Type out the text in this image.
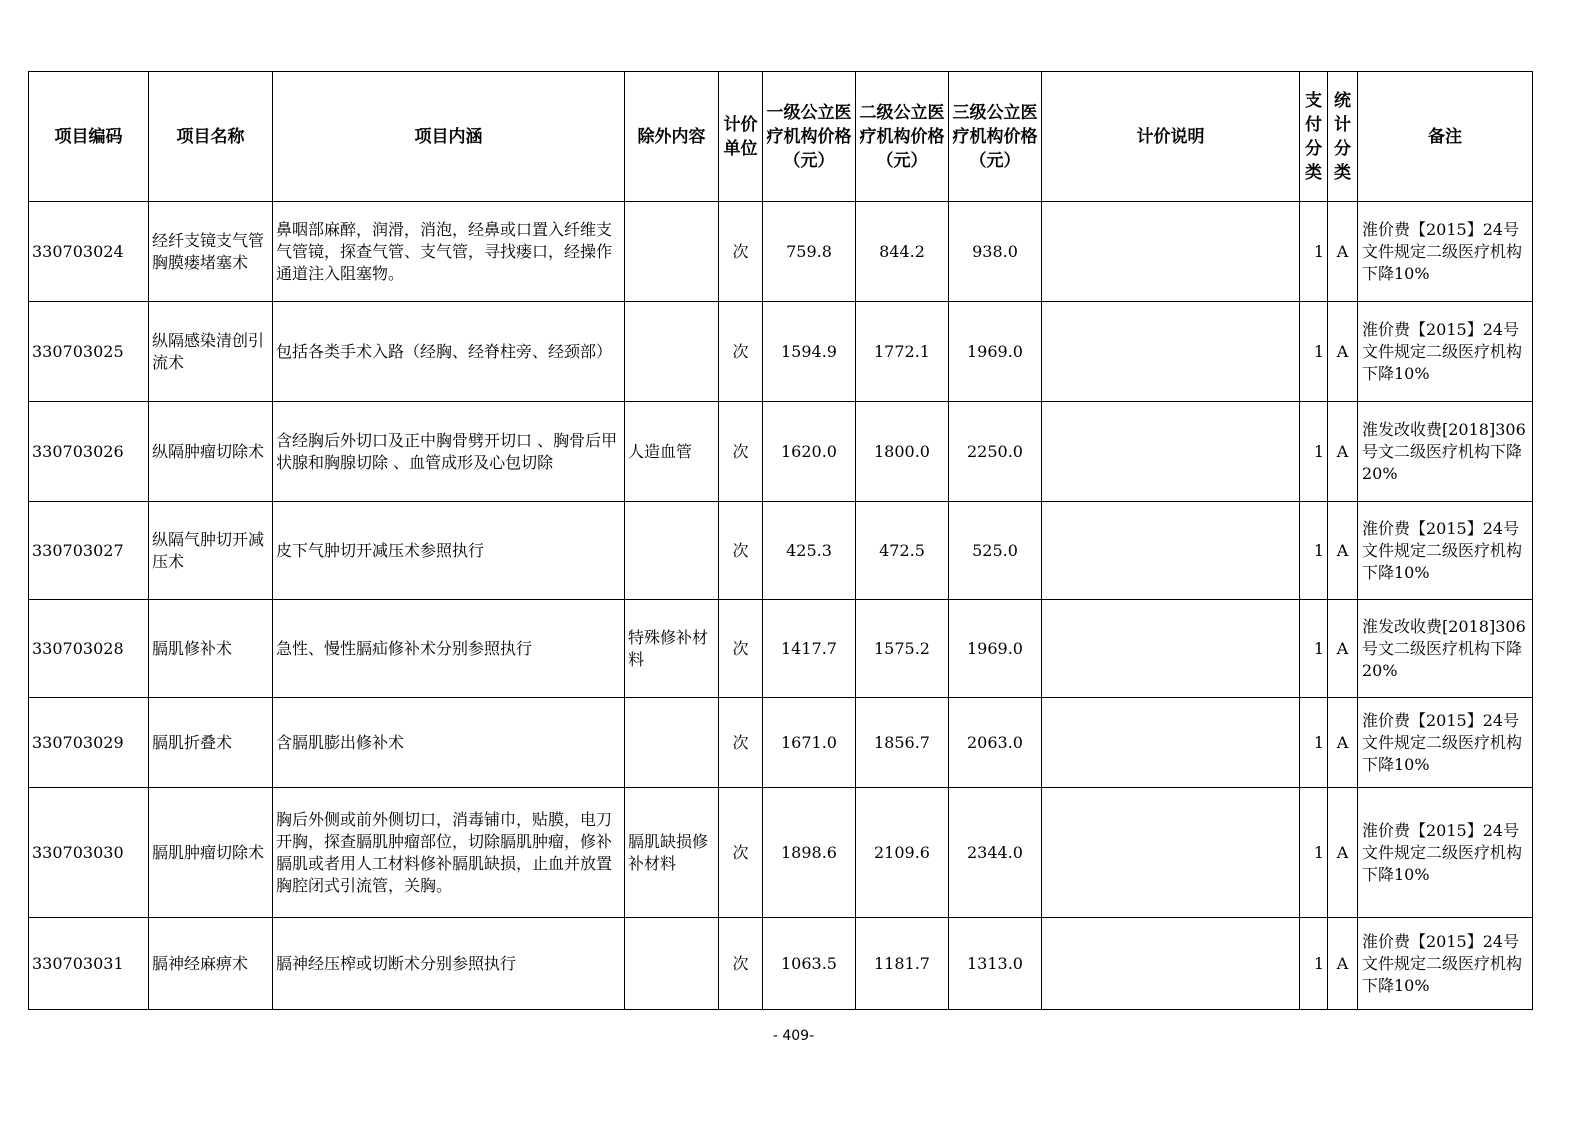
项目编码	项目名称	项目内涵	除外内容	计价单位	一级公立医疗机构价格（元）	二级公立医疗机构价格（元）	三级公立医疗机构价格（元）	计价说明	支付分类	统计分类	备注
330703024	经纤支镜支气管胸膜瘘堵塞术	鼻咽部麻醉，润滑，消泡，经鼻或口置入纤维支气管镜，探查气管、支气管，寻找瘘口，经操作通道注入阻塞物。		次	759.8	844.2	938.0		1	A	淮价费【2015】24号文件规定二级医疗机构下降10%
330703025	纵隔感染清创引流术	包括各类手术入路（经胸、经脊柱旁、经颈部）		次	1594.9	1772.1	1969.0		1	A	淮价费【2015】24号文件规定二级医疗机构下降10%
330703026	纵隔肿瘤切除术	含经胸后外切口及正中胸骨劈开切口 、胸骨后甲状腺和胸腺切除 、血管成形及心包切除	人造血管	次	1620.0	1800.0	2250.0		1	A	淮发改收费[2018]306号文二级医疗机构下降20%
330703027	纵隔气肿切开减压术	皮下气肿切开减压术参照执行		次	425.3	472.5	525.0		1	A	淮价费【2015】24号文件规定二级医疗机构下降10%
330703028	膈肌修补术	急性、慢性膈疝修补术分别参照执行	特殊修补材料	次	1417.7	1575.2	1969.0		1	A	淮发改收费[2018]306号文二级医疗机构下降20%
330703029	膈肌折叠术	含膈肌膨出修补术		次	1671.0	1856.7	2063.0		1	A	淮价费【2015】24号文件规定二级医疗机构下降10%
330703030	膈肌肿瘤切除术	胸后外侧或前外侧切口，消毒铺巾，贴膜，电刀开胸，探查膈肌肿瘤部位，切除膈肌肿瘤，修补膈肌或者用人工材料修补膈肌缺损，止血并放置胸腔闭式引流管，关胸。	膈肌缺损修补材料	次	1898.6	2109.6	2344.0		1	A	淮价费【2015】24号文件规定二级医疗机构下降10%
330703031	膈神经麻痹术	膈神经压榨或切断术分别参照执行		次	1063.5	1181.7	1313.0		1	A	淮价费【2015】24号文件规定二级医疗机构下降10%
- 409-
